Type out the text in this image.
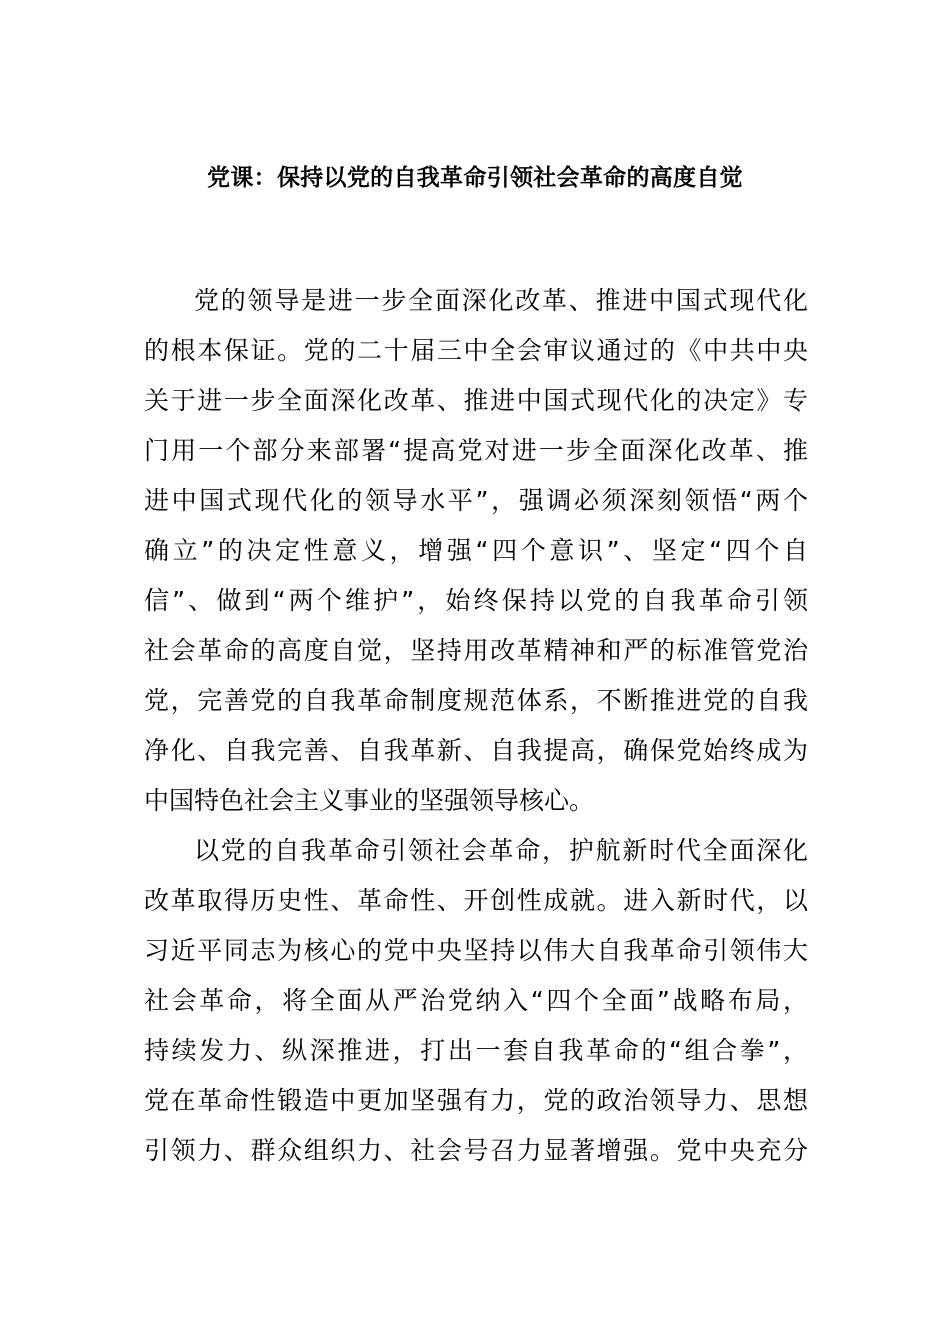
党课：保持以党的自我革命引领社会革命的高度自觉
党的领导是进一步全面深化改革、推进中国式现代化
的根本保证。党的二十届三中全会审议通过的《中共中央
关于进一步全面深化改革、推进中国式现代化的决定》专
门用一个部分来部署“提高党对进一步全面深化改革、推
进中国式现代化的领导水平”，强调必须深刻领悟“两个
确立”的决定性意义，增强“四个意识”、坚定“四个自
信”、做到“两个维护”，始终保持以党的自我革命引领
社会革命的高度自觉，坚持用改革精神和严的标准管党治
党，完善党的自我革命制度规范体系，不断推进党的自我
净化、自我完善、自我革新、自我提高，确保党始终成为
中国特色社会主义事业的坚强领导核心。
以党的自我革命引领社会革命，护航新时代全面深化
改革取得历史性、革命性、开创性成就。进入新时代，以
习近平同志为核心的党中央坚持以伟大自我革命引领伟大
社会革命，将全面从严治党纳入“四个全面”战略布局，
持续发力、纵深推进，打出一套自我革命的“组合拳”，
党在革命性锻造中更加坚强有力，党的政治领导力、思想
引领力、群众组织力、社会号召力显著增强。党中央充分
